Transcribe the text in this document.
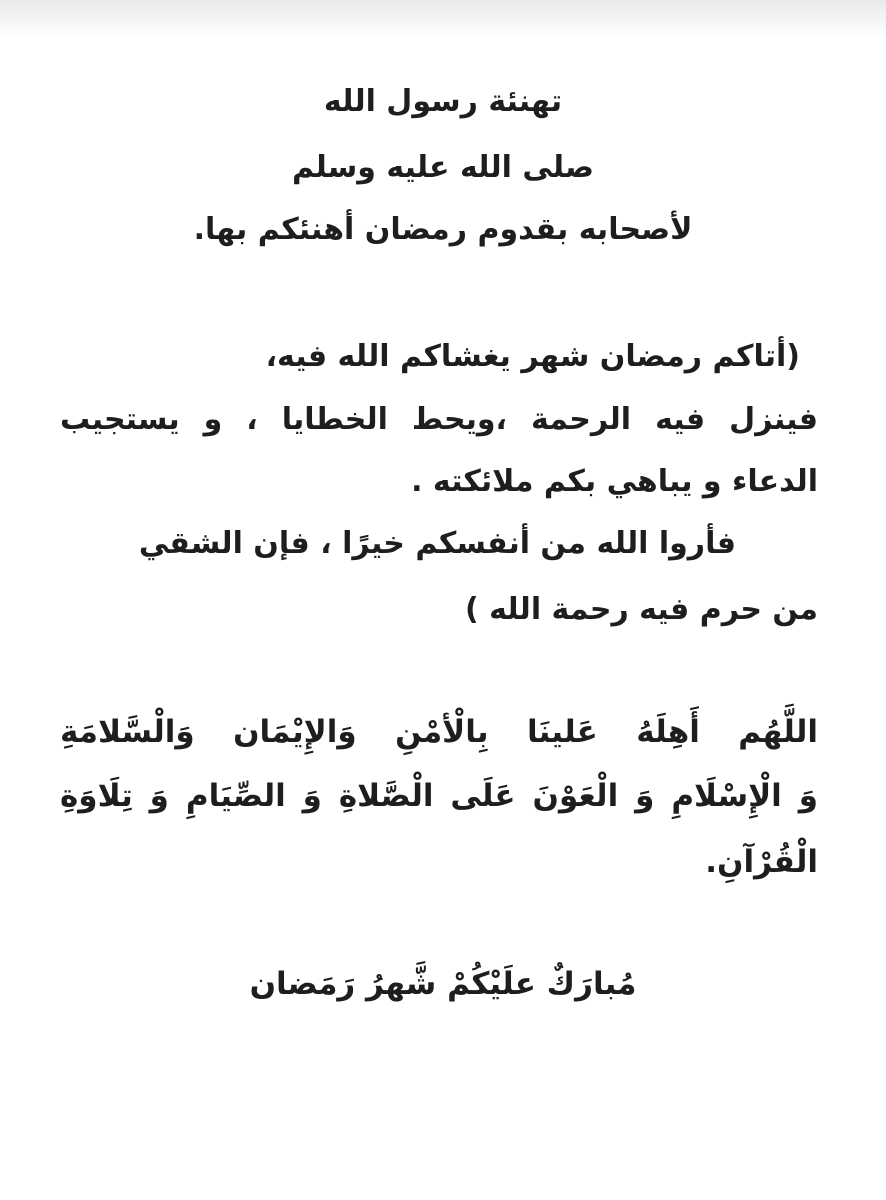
تهنئة رسول الله
صلى الله عليه وسلم
لأصحابه بقدوم رمضان أهنئكم بها.
(أتاكم رمضان شهر يغشاكم الله فيه،
فينزل فيه الرحمة ،ويحط الخطايا ، و يستجيب
الدعاء و يباهي بكم ملائكته .
فأروا الله من أنفسكم خيرًا ، فإن الشقي
من حرم فيه رحمة الله )
اللَّهُم أَهِلَهُ عَلينَا بِالْأمْنِ وَالإِيْمَان وَالْسَّلامَةِ
وَ الْإِسْلَامِ وَ الْعَوْنَ عَلَى الْصَّلاةِ وَ الصِّيَامِ وَ تِلَاوَةِ
الْقُرْآنِ.
مُبارَكٌ علَيْكُمْ شَّهرُ رَمَضان
